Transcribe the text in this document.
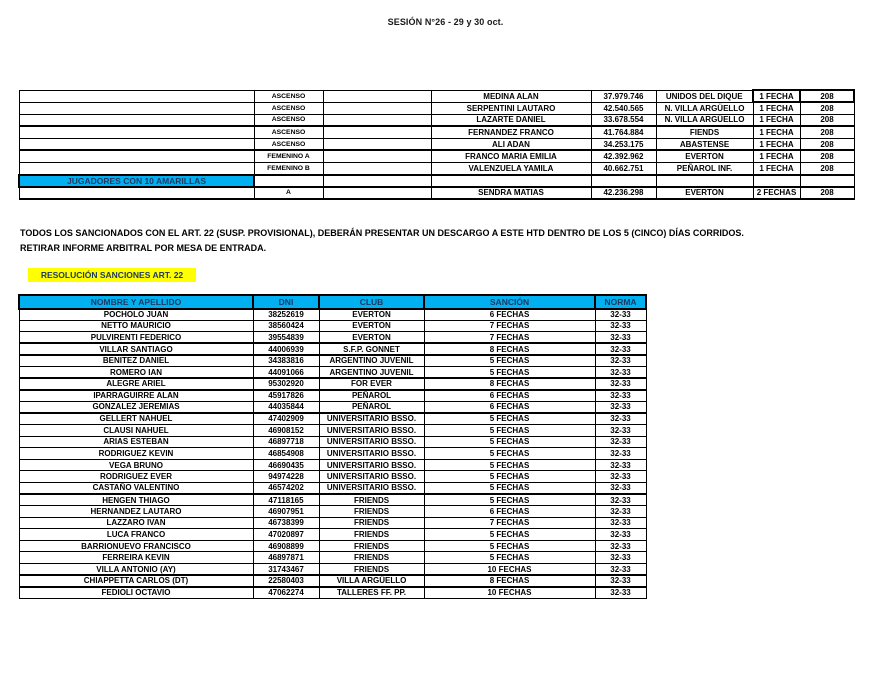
SESIÓN N°26 - 29 y 30 oct.
	ASCENSO		MEDINA ALAN	37.979.746	UNIDOS DEL DIQUE	1 FECHA	208
	ASCENSO		SERPENTINI LAUTARO	42.540.565	N. VILLA ARGÜELLO	1 FECHA	208
	ASCENSO		LAZARTE DANIEL	33.678.554	N. VILLA ARGÜELLO	1 FECHA	208
	ASCENSO		FERNANDEZ FRANCO	41.764.884	FIENDS	1 FECHA	208
	ASCENSO		ALI ADAN	34.253.175	ABASTENSE	1 FECHA	208
	FEMENINO A		FRANCO MARIA EMILIA	42.392.962	EVERTON	1 FECHA	208
	FEMENINO B		VALENZUELA YAMILA	40.662.751	PEÑAROL INF.	1 FECHA	208
JUGADORES CON 10 AMARILLAS							
	A		SENDRA MATIAS	42.236.298	EVERTON	2 FECHAS	208
TODOS LOS SANCIONADOS CON EL ART. 22 (SUSP. PROVISIONAL), DEBERÁN PRESENTAR UN DESCARGO A ESTE HTD DENTRO DE LOS 5 (CINCO) DÍAS CORRIDOS.
RETIRAR INFORME ARBITRAL POR MESA DE ENTRADA.
RESOLUCIÓN SANCIONES ART. 22
NOMBRE Y APELLIDO	DNI	CLUB	SANCIÓN	NORMA
POCHOLO JUAN	38252619	EVERTON	6 FECHAS	32-33
NETTO MAURICIO	38560424	EVERTON	7 FECHAS	32-33
PULVIRENTI FEDERICO	39554839	EVERTON	7 FECHAS	32-33
VILLAR SANTIAGO	44006939	S.F.P. GONNET	8 FECHAS	32-33
BENITEZ DANIEL	34383816	ARGENTINO JUVENIL	5 FECHAS	32-33
ROMERO IAN	44091066	ARGENTINO JUVENIL	5 FECHAS	32-33
ALEGRE ARIEL	95302920	FOR EVER	8 FECHAS	32-33
IPARRAGUIRRE ALAN	45917826	PEÑAROL	6 FECHAS	32-33
GONZALEZ JEREMIAS	44035844	PEÑAROL	6 FECHAS	32-33
GELLERT NAHUEL	47402909	UNIVERSITARIO BSSO.	5 FECHAS	32-33
CLAUSI NAHUEL	46908152	UNIVERSITARIO BSSO.	5 FECHAS	32-33
ARIAS ESTEBAN	46897718	UNIVERSITARIO BSSO.	5 FECHAS	32-33
RODRIGUEZ KEVIN	46854908	UNIVERSITARIO BSSO.	5 FECHAS	32-33
VEGA BRUNO	46690435	UNIVERSITARIO BSSO.	5 FECHAS	32-33
RODRIGUEZ EVER	94974228	UNIVERSITARIO BSSO.	5 FECHAS	32-33
CASTAÑO VALENTINO	46574202	UNIVERSITARIO BSSO.	5 FECHAS	32-33
HENGEN THIAGO	47118165	FRIENDS	5 FECHAS	32-33
HERNANDEZ LAUTARO	46907951	FRIENDS	6 FECHAS	32-33
LAZZARO IVAN	46738399	FRIENDS	7 FECHAS	32-33
LUCA FRANCO	47020897	FRIENDS	5 FECHAS	32-33
BARRIONUEVO FRANCISCO	46908899	FRIENDS	5 FECHAS	32-33
FERREIRA KEVIN	46897871	FRIENDS	5 FECHAS	32-33
VILLA ANTONIO (AY)	31743467	FRIENDS	10 FECHAS	32-33
CHIAPPETTA CARLOS (DT)	22580403	VILLA ARGÜELLO	8 FECHAS	32-33
FEDIOLI OCTAVIO	47062274	TALLERES FF. PP.	10 FECHAS	32-33
